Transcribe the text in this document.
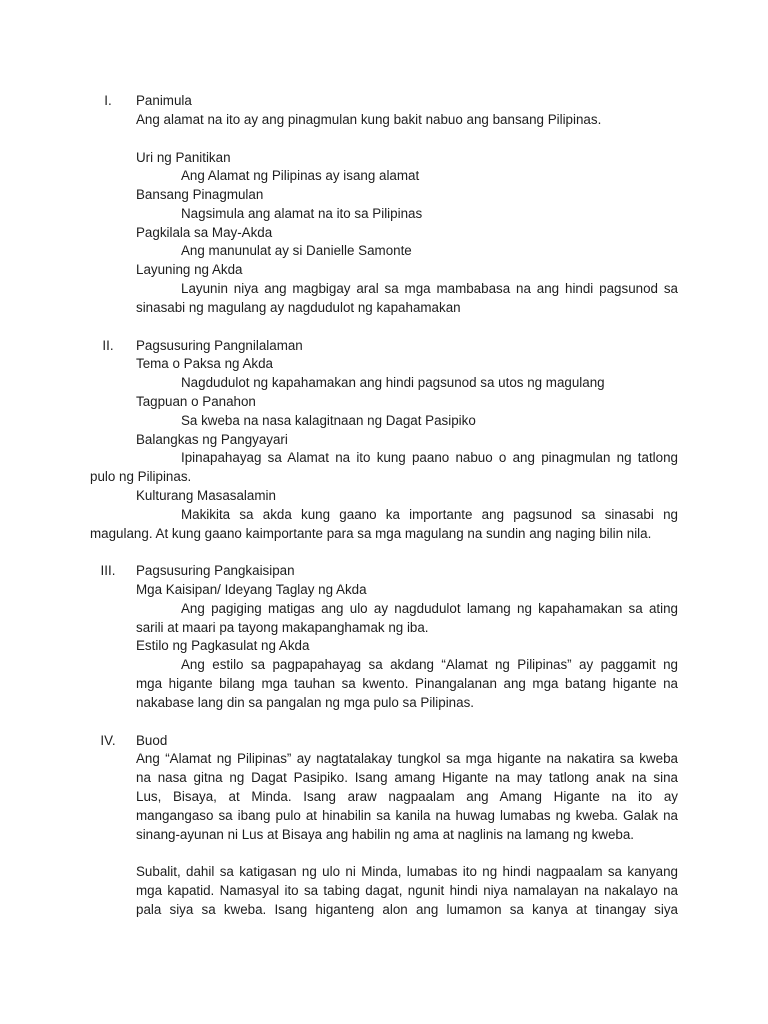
I.	Panimula
Ang alamat na ito ay ang pinagmulan kung bakit nabuo ang bansang Pilipinas.
Uri ng Panitikan
Ang Alamat ng Pilipinas ay isang alamat
Bansang Pinagmulan
Nagsimula ang alamat na ito sa Pilipinas
Pagkilala sa May-Akda
Ang manunulat ay si Danielle Samonte
Layuning ng Akda
Layunin niya ang magbigay aral sa mga mambabasa na ang hindi pagsunod sa
sinasabi ng magulang ay nagdudulot ng kapahamakan
II.	Pagsusuring Pangnilalaman
Tema o Paksa ng Akda
Nagdudulot ng kapahamakan ang hindi pagsunod sa utos ng magulang
Tagpuan o Panahon
Sa kweba na nasa kalagitnaan ng Dagat Pasipiko
Balangkas ng Pangyayari
Ipinapahayag sa Alamat na ito kung paano nabuo o ang pinagmulan ng tatlong
pulo ng Pilipinas.
Kulturang Masasalamin
Makikita sa akda kung gaano ka importante ang pagsunod sa sinasabi ng
magulang. At kung gaano kaimportante para sa mga magulang na sundin ang naging bilin nila.
III.	Pagsusuring Pangkaisipan
Mga Kaisipan/ Ideyang Taglay ng Akda
Ang pagiging matigas ang ulo ay nagdudulot lamang ng kapahamakan sa ating
sarili at maari pa tayong makapanghamak ng iba.
Estilo ng Pagkasulat ng Akda
Ang estilo sa pagpapahayag sa akdang “Alamat ng Pilipinas” ay paggamit ng
mga higante bilang mga tauhan sa kwento. Pinangalanan ang mga batang higante na
nakabase lang din sa pangalan ng mga pulo sa Pilipinas.
IV.	Buod
Ang “Alamat ng Pilipinas” ay nagtatalakay tungkol sa mga higante na nakatira sa kweba
na nasa gitna ng Dagat Pasipiko. Isang amang Higante na may tatlong anak na sina
Lus, Bisaya, at Minda. Isang araw nagpaalam ang Amang Higante na ito ay
mangangaso sa ibang pulo at hinabilin sa kanila na huwag lumabas ng kweba. Galak na
sinang-ayunan ni Lus at Bisaya ang habilin ng ama at naglinis na lamang ng kweba.
Subalit, dahil sa katigasan ng ulo ni Minda, lumabas ito ng hindi nagpaalam sa kanyang
mga kapatid. Namasyal ito sa tabing dagat, ngunit hindi niya namalayan na nakalayo na
pala siya sa kweba. Isang higanteng alon ang lumamon sa kanya at tinangay siya
